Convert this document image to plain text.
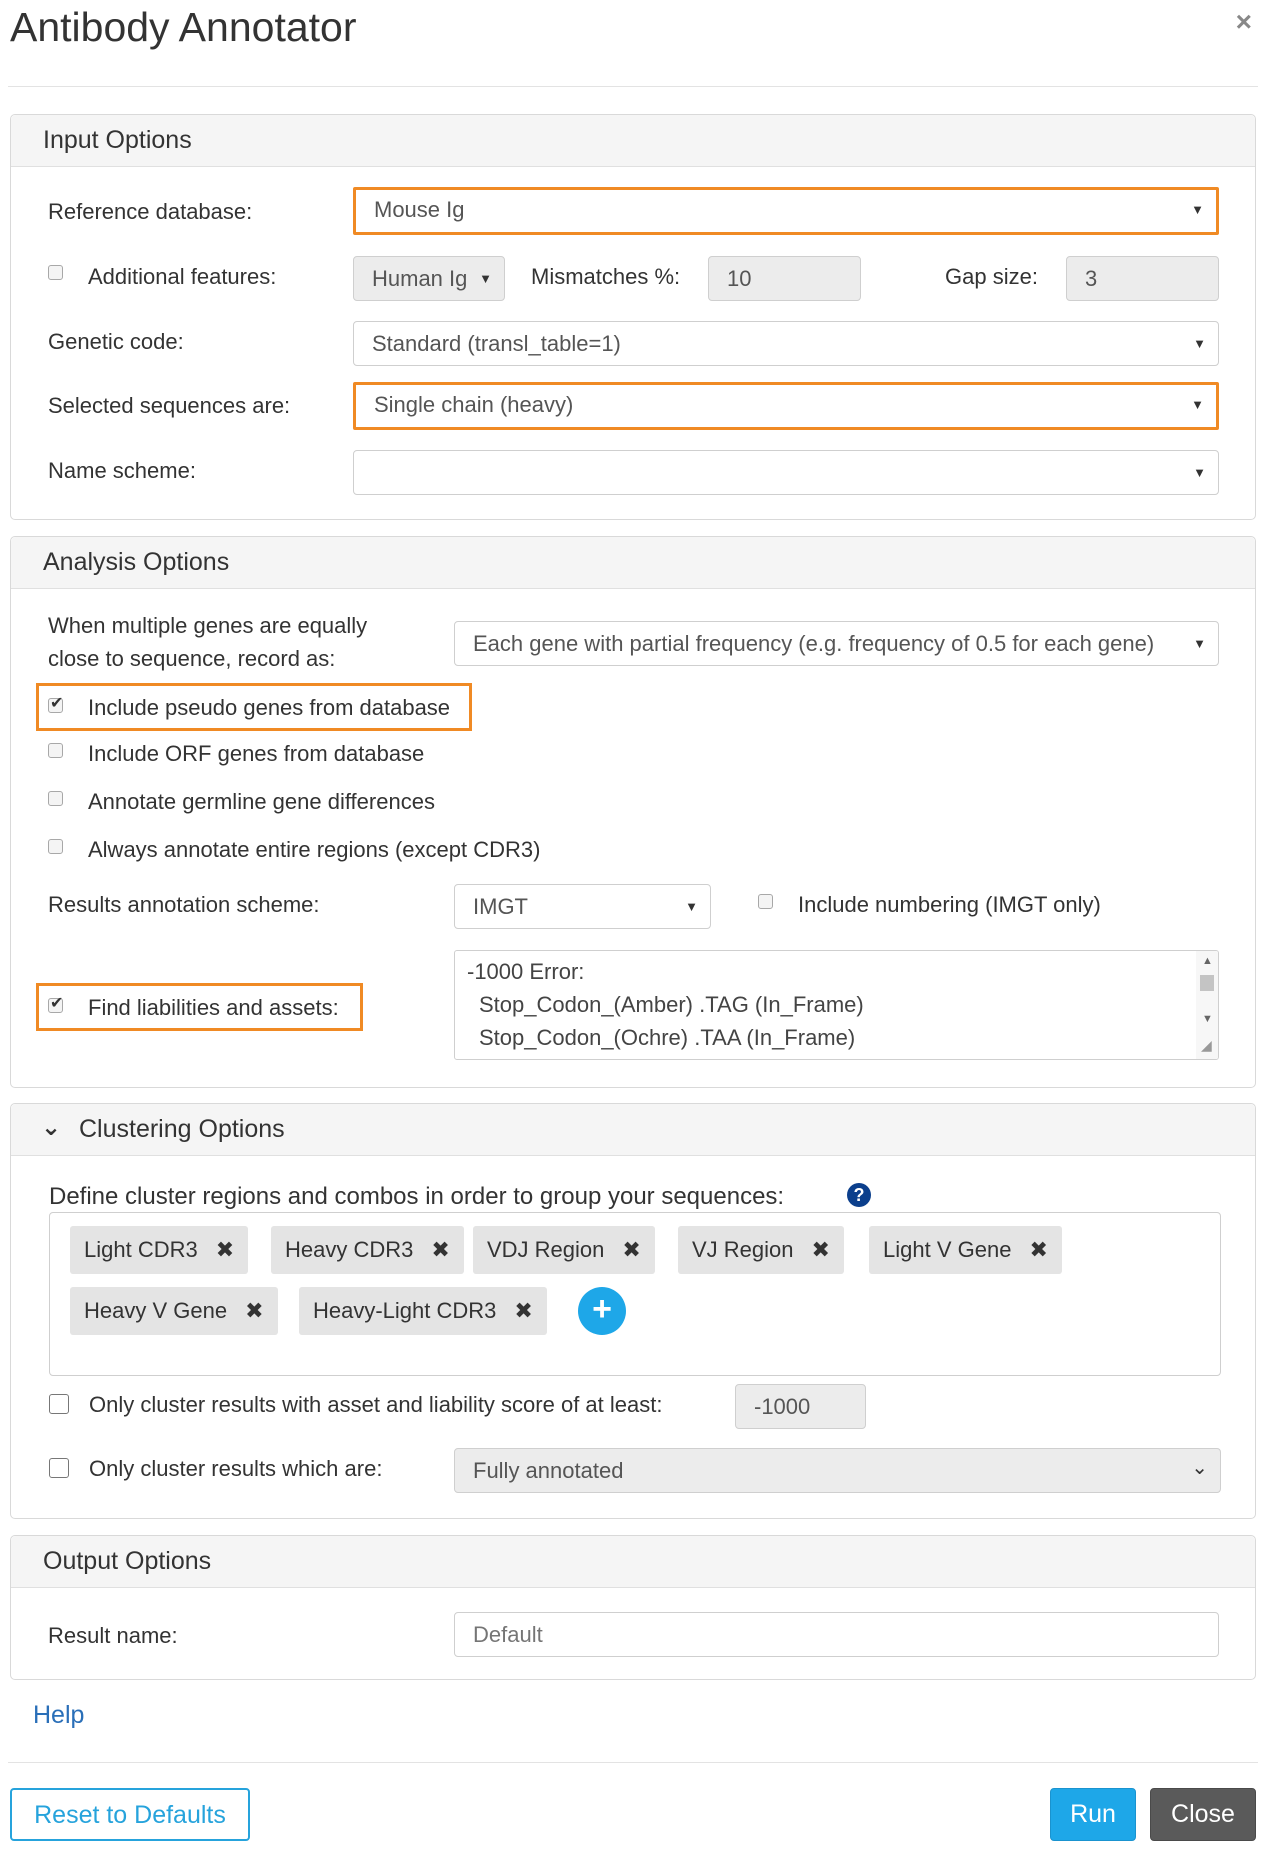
Antibody Annotator	×
Input Options
Reference database:	Mouse Ig	▼
Additional features:	Human Ig ▼ Mismatches %:	10	Gap size:	3
Genetic code:	Standard (transl_table=1)	▼
Selected sequences are:	Single chain (heavy)	▼
Name scheme:	▼
Analysis Options
When multiple genes are equally
close to sequence, record as:
Each gene with partial frequency (e.g. frequency of 0.5 for each gene)	▼
✔ Include pseudo genes from database
Include ORF genes from database
Annotate germline gene differences
Always annotate entire regions (except CDR3)
Results annotation scheme:	IMGT	▼	Include numbering (IMGT only)
✔ Find liabilities and assets:
-1000 Error:
Stop_Codon_(Amber) .TAG (In_Frame)
Stop_Codon_(Ochre) .TAA (In_Frame)
▲
▼
◢
⌄ Clustering Options
Define cluster regions and combos in order to group your sequences:	?
Light CDR3 ✖	Heavy CDR3 ✖	VDJ Region ✖	VJ Region ✖	Light V Gene ✖
Heavy V Gene ✖	Heavy-Light CDR3 ✖	+
Only cluster results with asset and liability score of at least:	-1000
Only cluster results which are:	Fully annotated	⌄
Output Options
Result name:
Default
Help
Reset to Defaults	Run	Close
